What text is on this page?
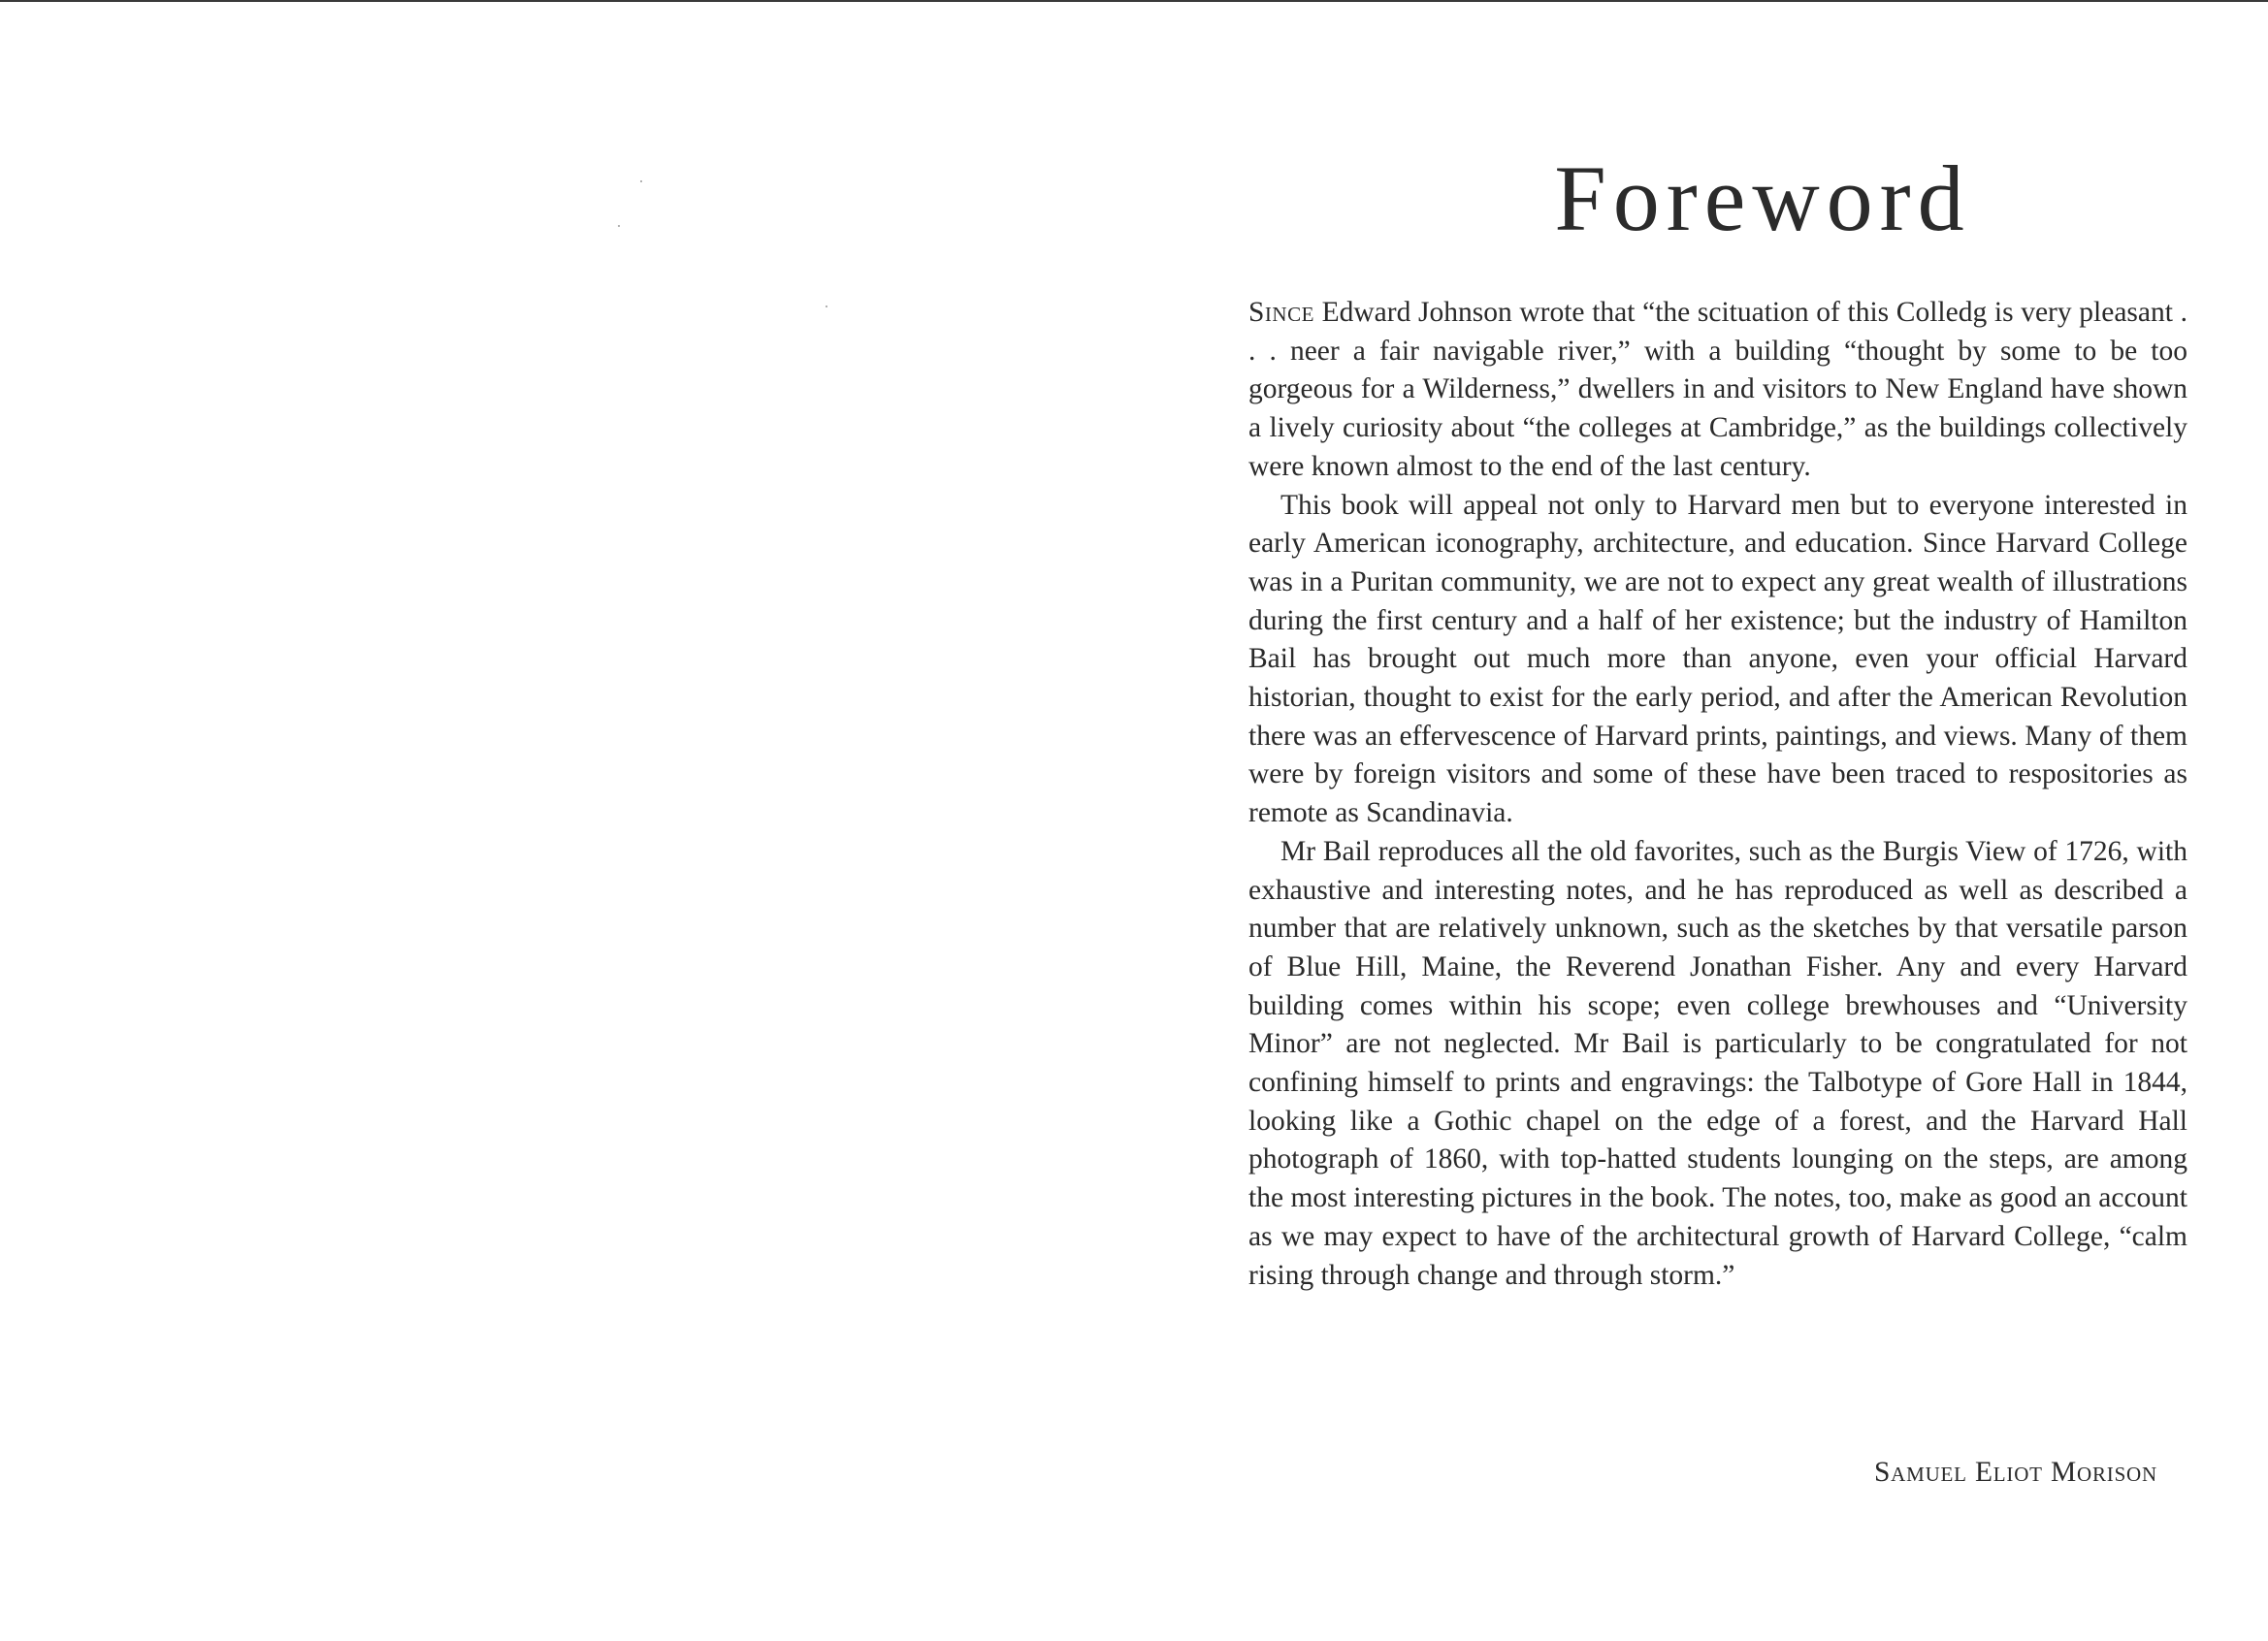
Foreword

Since Edward Johnson wrote that “the scituation of this Colledg is very pleasant . . . neer a fair navigable river,” with a building “thought by some to be too gorgeous for a Wilderness,” dwellers in and visitors to New England have shown a lively curiosity about “the colleges at Cambridge,” as the buildings collectively were known almost to the end of the last century.

This book will appeal not only to Harvard men but to everyone interested in early American iconography, architecture, and education. Since Harvard College was in a Puritan community, we are not to expect any great wealth of illustrations during the first century and a half of her existence; but the industry of Hamilton Bail has brought out much more than anyone, even your official Harvard historian, thought to exist for the early period, and after the American Revolution there was an effervescence of Harvard prints, paintings, and views. Many of them were by foreign visitors and some of these have been traced to respositories as remote as Scandinavia.

Mr Bail reproduces all the old favorites, such as the Burgis View of 1726, with exhaustive and interesting notes, and he has reproduced as well as described a number that are relatively unknown, such as the sketches by that versatile parson of Blue Hill, Maine, the Reverend Jonathan Fisher. Any and every Harvard building comes within his scope; even college brewhouses and “University Minor” are not neglected. Mr Bail is particularly to be congratulated for not confining himself to prints and engravings: the Talbotype of Gore Hall in 1844, looking like a Gothic chapel on the edge of a forest, and the Harvard Hall photograph of 1860, with top-hatted students lounging on the steps, are among the most interesting pictures in the book. The notes, too, make as good an account as we may expect to have of the architectural growth of Harvard College, “calm rising through change and through storm.”

Samuel Eliot Morison
